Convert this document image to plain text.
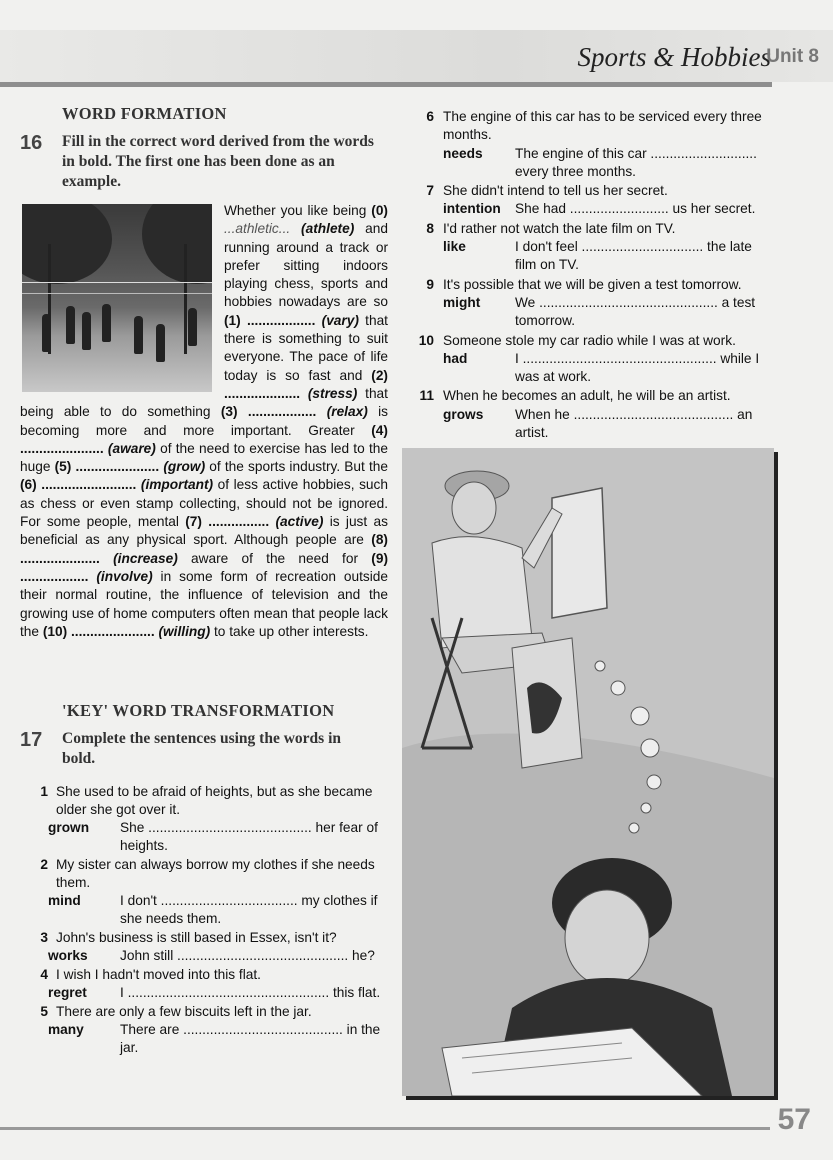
Sports & Hobbies
Unit 8
WORD FORMATION
16	Fill in the correct word derived from the words in bold. The first one has been done as an example.
Whether you like being (0) ...athletic... (athlete) and running around a track or prefer sitting indoors playing chess, sports and hobbies nowadays are so (1) .................. (vary) that there is something to suit everyone. The pace of life today is so fast and (2) .................... (stress) that being able to do something (3) .................. (relax) is becoming more and more important. Greater (4) ...................... (aware) of the need to exercise has led to the huge (5) ...................... (grow) of the sports industry. But the (6) ......................... (important) of less active hobbies, such as chess or even stamp collecting, should not be ignored. For some people, mental (7) ................ (active) is just as beneficial as any physical sport. Although people are (8) ..................... (increase) aware of the need for (9) .................. (involve) in some form of recreation outside their normal routine, the influence of television and the growing use of home computers often mean that people lack the (10) ...................... (willing) to take up other interests.
'KEY' WORD TRANSFORMATION
17	Complete the sentences using the words in bold.
1 She used to be afraid of heights, but as she became older she got over it.
grown	She ........................................... her fear of heights.
2 My sister can always borrow my clothes if she needs them.
mind	I don't .................................... my clothes if she needs them.
3 John's business is still based in Essex, isn't it?
works	John still ............................................. he?
4 I wish I hadn't moved into this flat.
regret	I ..................................................... this flat.
5 There are only a few biscuits left in the jar.
many	There are .......................................... in the jar.
6 The engine of this car has to be serviced every three months.
needs	The engine of this car ............................ every three months.
7 She didn't intend to tell us her secret.
intention	She had .......................... us her secret.
8 I'd rather not watch the late film on TV.
like	I don't feel ................................ the late film on TV.
9 It's possible that we will be given a test tomorrow.
might	We ............................................... a test tomorrow.
10 Someone stole my car radio while I was at work.
had	I ................................................... while I was at work.
11 When he becomes an adult, he will be an artist.
grows	When he .......................................... an artist.
57
